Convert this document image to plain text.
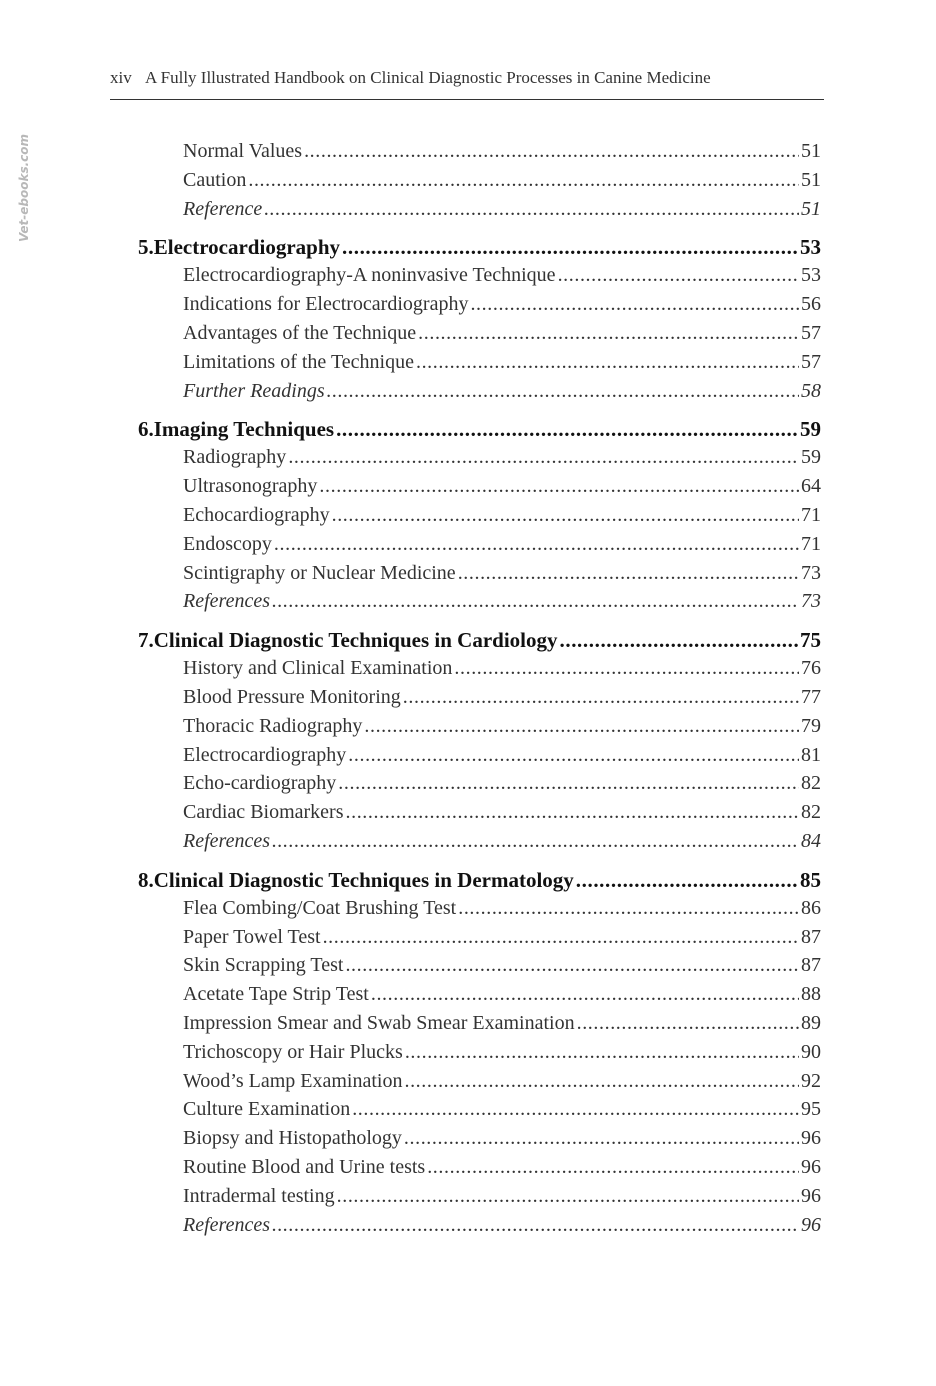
xiv A Fully Illustrated Handbook on Clinical Diagnostic Processes in Canine Medicine
Vet-ebooks.com	Normal Values .....	51
Caution .....	51
Reference .....	51
5. Electrocardiography .....	53
Electrocardiography-A noninvasive Technique .....	53
Indications for Electrocardiography .....	56
Advantages of the Technique .....	57
Limitations of the Technique .....	57
Further Readings .....	58
6. Imaging Techniques .....	59
Radiography .....	59
Ultrasonography .....	64
Echocardiography .....	71
Endoscopy .....	71
Scintigraphy or Nuclear Medicine .....	73
References .....	73
7. Clinical Diagnostic Techniques in Cardiology .....	75
History and Clinical Examination .....	76
Blood Pressure Monitoring .....	77
Thoracic Radiography .....	79
Electrocardiography .....	81
Echo-cardiography .....	82
Cardiac Biomarkers .....	82
References .....	84
8. Clinical Diagnostic Techniques in Dermatology .....	85
Flea Combing/Coat Brushing Test .....	86
Paper Towel Test .....	87
Skin Scrapping Test .....	87
Acetate Tape Strip Test .....	88
Impression Smear and Swab Smear Examination .....	89
Trichoscopy or Hair Plucks .....	90
Wood’s Lamp Examination .....	92
Culture Examination .....	95
Biopsy and Histopathology .....	96
Routine Blood and Urine tests .....	96
Intradermal testing .....	96
References .....	96
